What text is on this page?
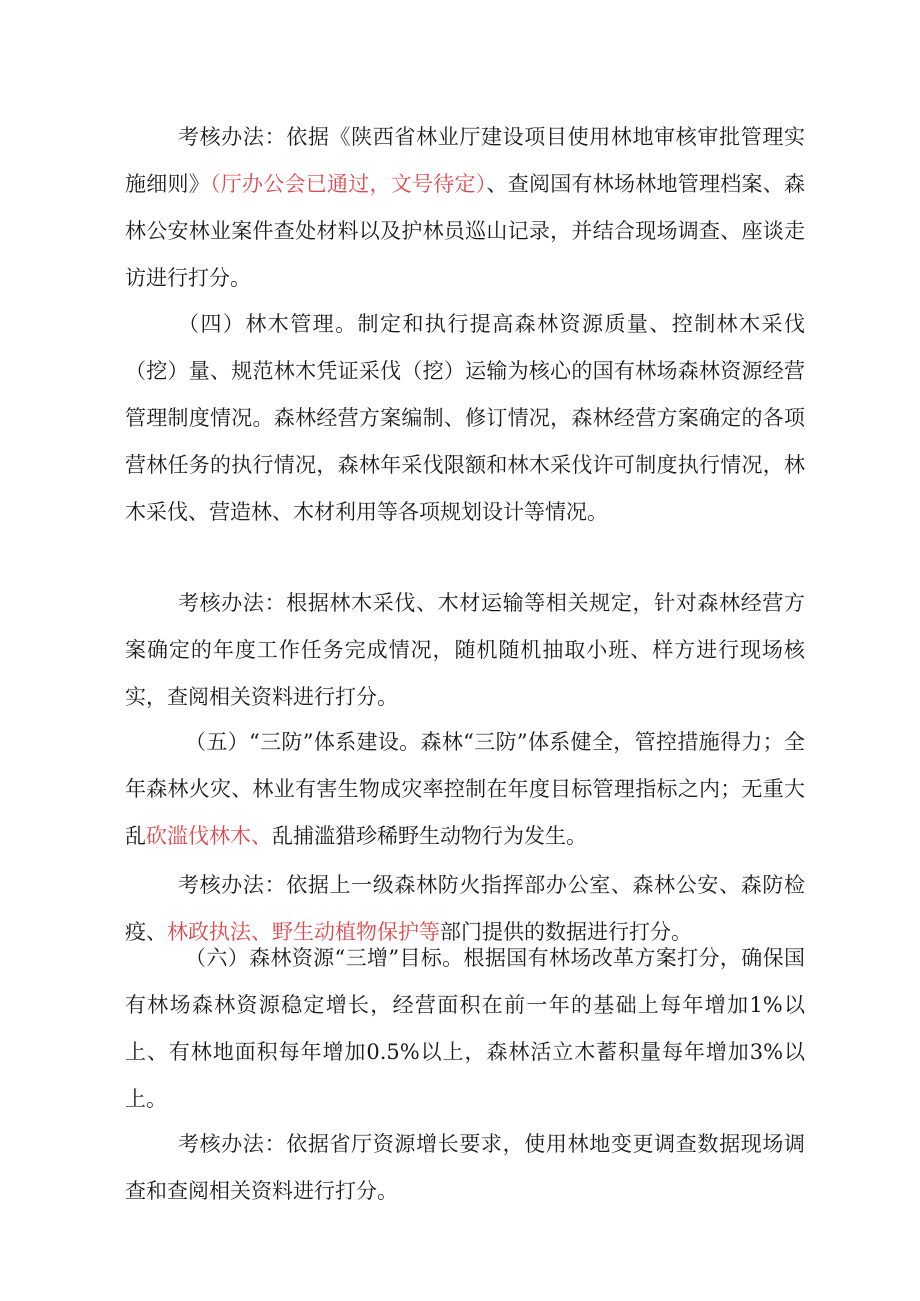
考核办法：依据《陕西省林业厅建设项目使用林地审核审批管理实施细则》（厅办公会已通过，文号待定）、查阅国有林场林地管理档案、森林公安林业案件查处材料以及护林员巡山记录，并结合现场调查、座谈走访进行打分。

（四）林木管理。制定和执行提高森林资源质量、控制林木采伐（挖）量、规范林木凭证采伐（挖）运输为核心的国有林场森林资源经营管理制度情况。森林经营方案编制、修订情况，森林经营方案确定的各项营林任务的执行情况，森林年采伐限额和林木采伐许可制度执行情况，林木采伐、营造林、木材利用等各项规划设计等情况。

考核办法：根据林木采伐、木材运输等相关规定，针对森林经营方案确定的年度工作任务完成情况，随机随机抽取小班、样方进行现场核实，查阅相关资料进行打分。

（五）“三防”体系建设。森林“三防”体系健全，管控措施得力；全年森林火灾、林业有害生物成灾率控制在年度目标管理指标之内；无重大乱砍滥伐林木、乱捕滥猎珍稀野生动物行为发生。

考核办法：依据上一级森林防火指挥部办公室、森林公安、森防检疫、林政执法、野生动植物保护等部门提供的数据进行打分。

（六）森林资源“三增”目标。根据国有林场改革方案打分，确保国有林场森林资源稳定增长，经营面积在前一年的基础上每年增加1%以上、有林地面积每年增加0.5%以上，森林活立木蓄积量每年增加3%以上。

考核办法：依据省厅资源增长要求，使用林地变更调查数据现场调查和查阅相关资料进行打分。
